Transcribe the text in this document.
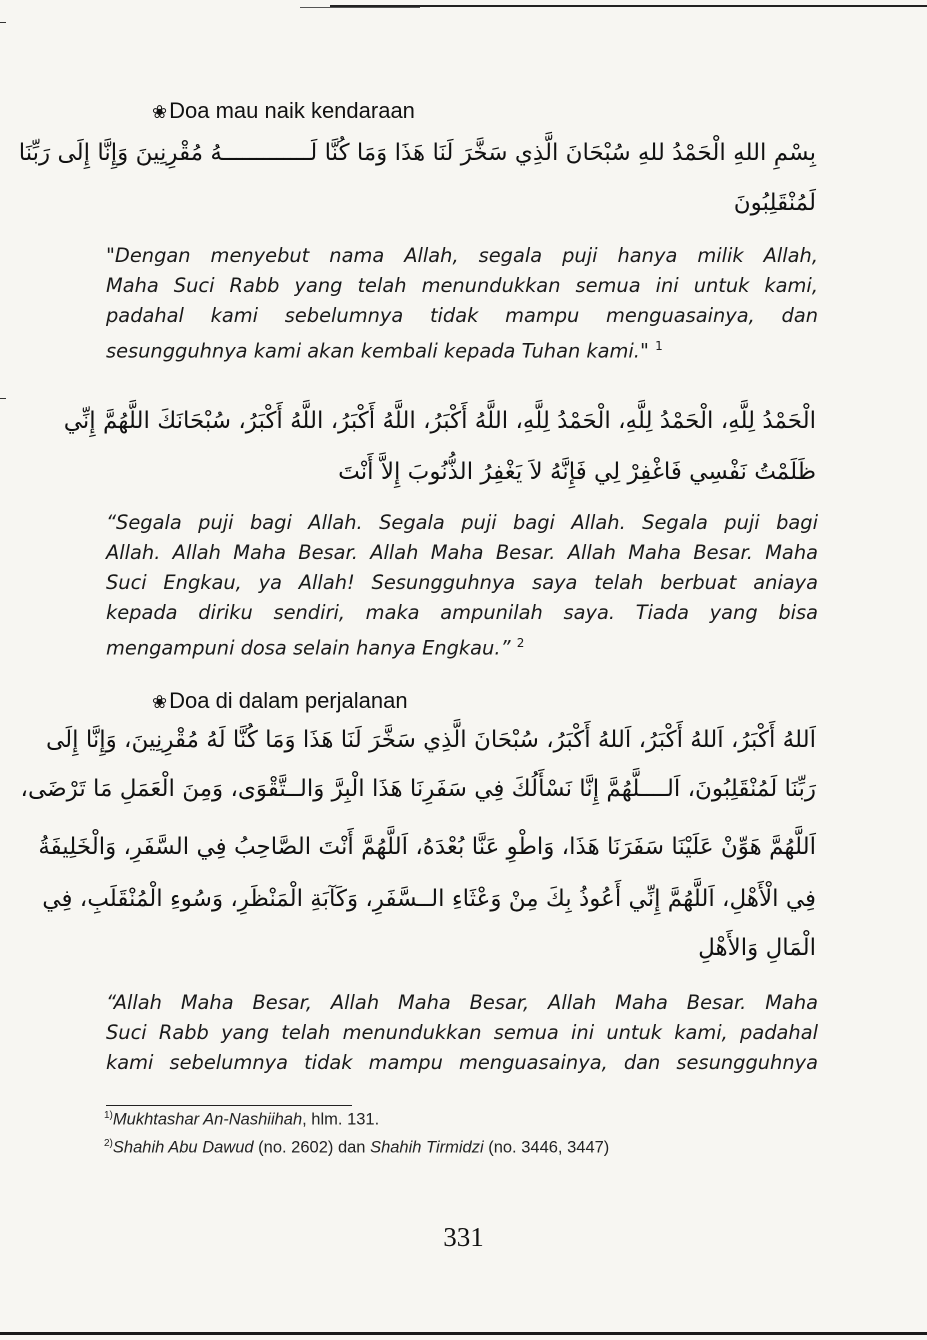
❀Doa mau naik kendaraan
بِسْمِ اللهِ الْحَمْدُ للهِ سُبْحَانَ الَّذِي سَخَّرَ لَنَا هَذَا وَمَا كُنَّا لَـــــــــــــهُ مُقْرِنِينَ وَإِنَّا إِلَى رَبِّنَا
لَمُنْقَلِبُونَ
"Dengan menyebut nama Allah, segala puji hanya milik Allah,
Maha Suci Rabb yang telah menundukkan semua ini untuk kami,
padahal kami sebelumnya tidak mampu menguasainya, dan
sesungguhnya kami akan kembali kepada Tuhan kami." $^1$
الْحَمْدُ لِلَّهِ، الْحَمْدُ لِلَّهِ، الْحَمْدُ لِلَّهِ، اللَّهُ أَكْبَرُ، اللَّهُ أَكْبَرُ، اللَّهُ أَكْبَرُ، سُبْحَانَكَ اللَّهُمَّ إِنِّي
ظَلَمْتُ نَفْسِي فَاغْفِرْ لِي فَإِنَّهُ لاَ يَغْفِرُ الذُّنُوبَ إِلاَّ أَنْتَ
“Segala puji bagi Allah. Segala puji bagi Allah. Segala puji bagi
Allah. Allah Maha Besar. Allah Maha Besar. Allah Maha Besar. Maha
Suci Engkau, ya Allah! Sesungguhnya saya telah berbuat aniaya
kepada diriku sendiri, maka ampunilah saya. Tiada yang bisa
mengampuni dosa selain hanya Engkau.” $^2$
❀Doa di dalam perjalanan
اَللهُ أَكْبَرُ، اَللهُ أَكْبَرُ، اَللهُ أَكْبَرُ، سُبْحَانَ الَّذِي سَخَّرَ لَنَا هَذَا وَمَا كُنَّا لَهُ مُقْرِنِينَ، وَإِنَّا إِلَى
رَبِّنَا لَمُنْقَلِبُونَ، اَلــــلَّهُمَّ إِنَّا نَسْأَلُكَ فِي سَفَرِنَا هَذَا الْبِرَّ وَالــتَّقْوَى، وَمِنَ الْعَمَلِ مَا تَرْضَى،
اَللَّهُمَّ هَوِّنْ عَلَيْنَا سَفَرَنَا هَذَا، وَاطْوِ عَنَّا بُعْدَهُ، اَللَّهُمَّ أَنْتَ الصَّاحِبُ فِي السَّفَرِ، وَالْخَلِيفَةُ
فِي الْأَهْلِ، اَللَّهُمَّ إِنِّي أَعُوذُ بِكَ مِنْ وَعْثَاءِ الــسَّفَرِ، وَكَآبَةِ الْمَنْظَرِ، وَسُوءِ الْمُنْقَلَبِ، فِي
الْمَالِ وَالأَهْلِ
“Allah Maha Besar, Allah Maha Besar, Allah Maha Besar. Maha
Suci Rabb yang telah menundukkan semua ini untuk kami, padahal
kami sebelumnya tidak mampu menguasainya, dan sesungguhnya
$^{1)}$Mukhtashar An-Nashiihah, hlm. 131.
$^{2)}$Shahih Abu Dawud (no. 2602) dan Shahih Tirmidzi (no. 3446, 3447)
331
